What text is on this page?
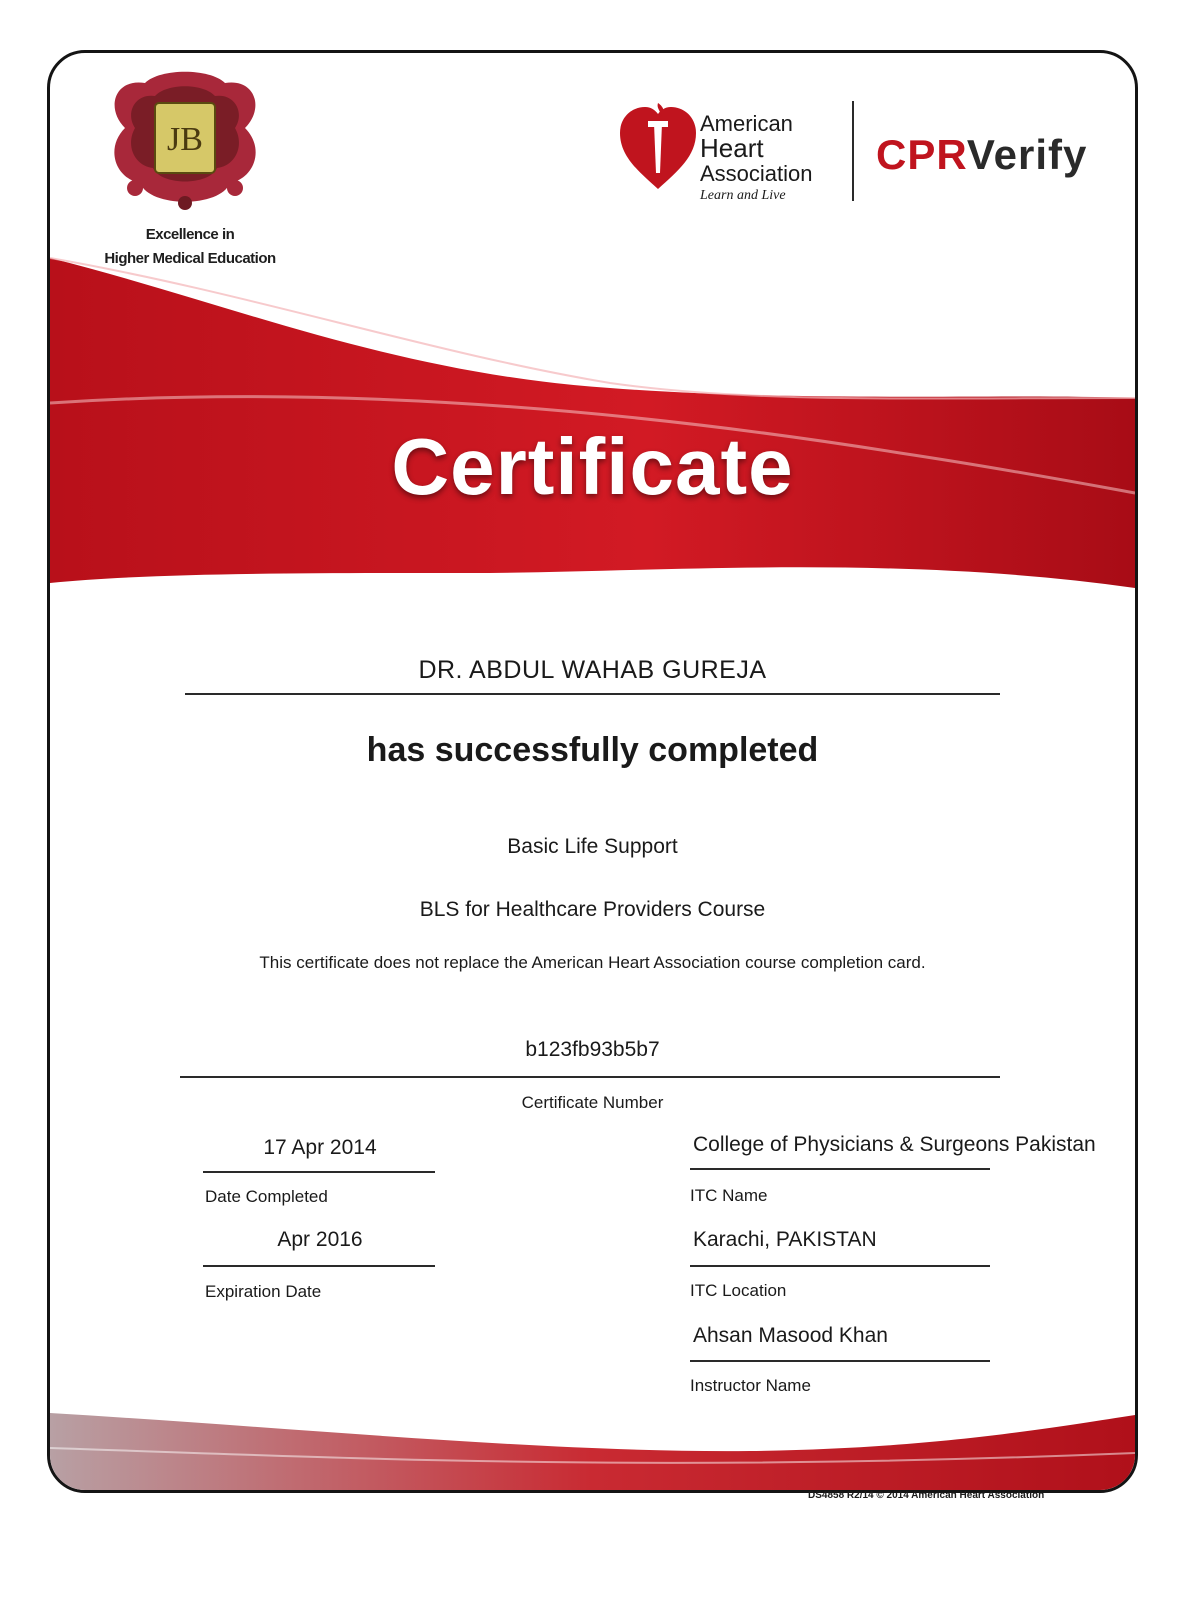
JB
Excellence in
Higher Medical Education
American
Heart
Association
Learn and Live
CPRVerify
Certificate
DR. ABDUL WAHAB GUREJA
has successfully completed
Basic Life Support
BLS for Healthcare Providers Course
This certificate does not replace the American Heart Association course completion card.
b123fb93b5b7
Certificate Number
17 Apr 2014
Date Completed
Apr 2016
Expiration Date
College of Physicians & Surgeons Pakistan
ITC Name
Karachi, PAKISTAN
ITC Location
Ahsan Masood Khan
Instructor Name
DS4858 R2/14 © 2014 American Heart Association
